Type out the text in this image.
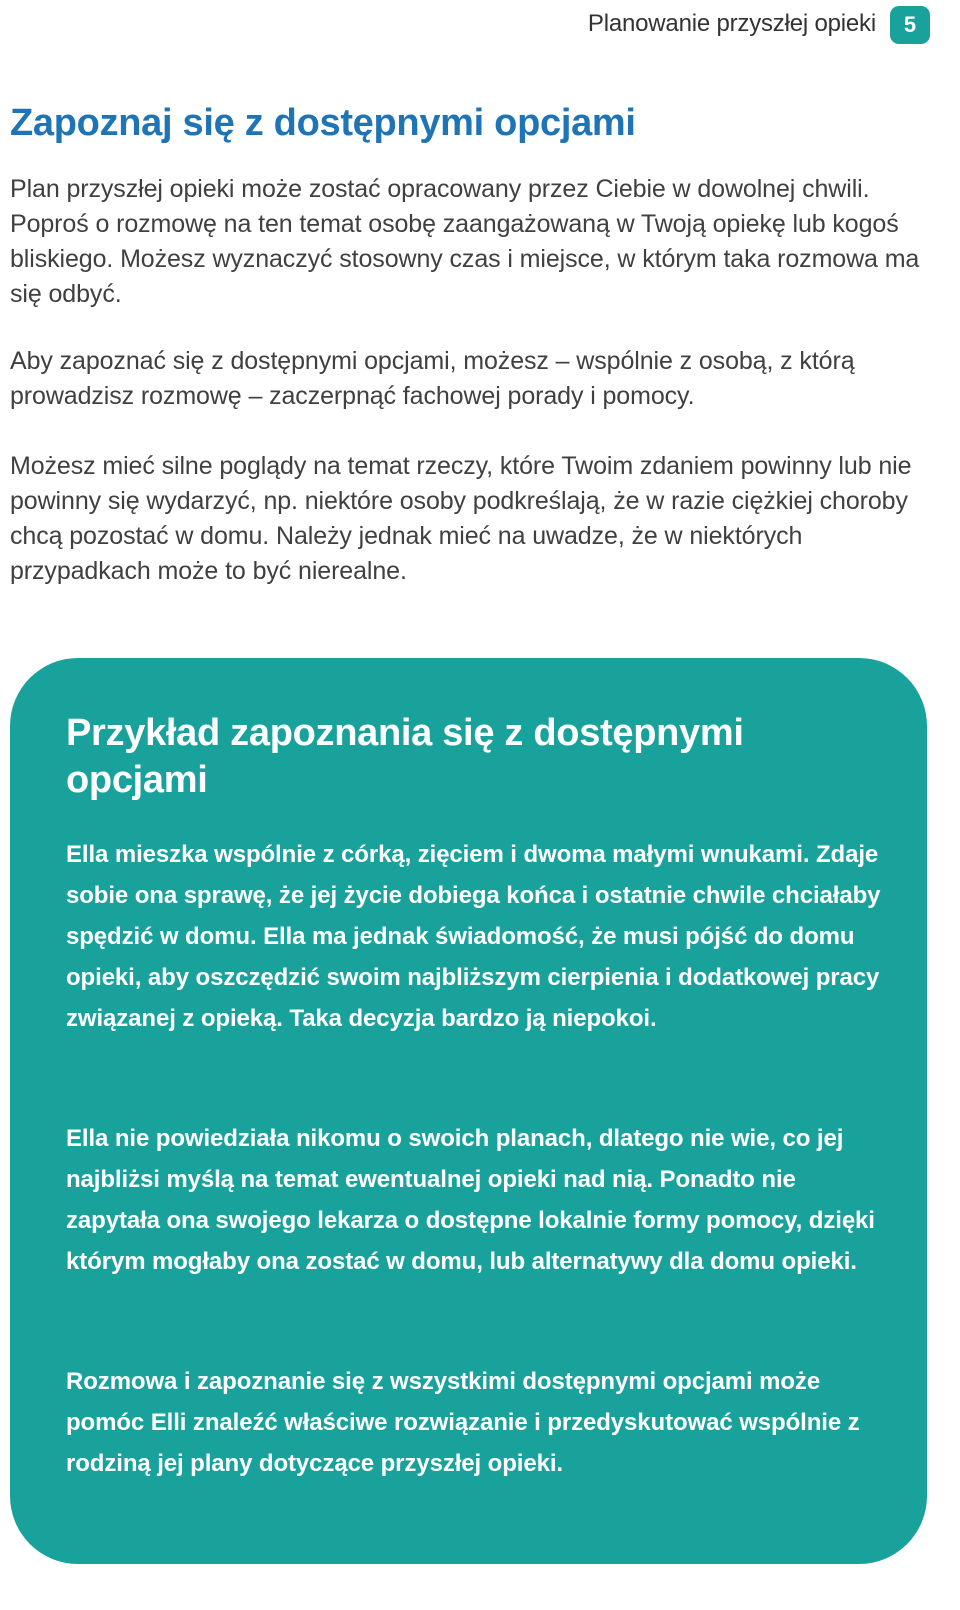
Planowanie przyszłej opieki	5
Zapoznaj się z dostępnymi opcjami

Plan przyszłej opieki może zostać opracowany przez Ciebie w dowolnej chwili. Poproś o rozmowę na ten temat osobę zaangażowaną w Twoją opiekę lub kogoś bliskiego. Możesz wyznaczyć stosowny czas i miejsce, w którym taka rozmowa ma się odbyć.

Aby zapoznać się z dostępnymi opcjami, możesz – wspólnie z osobą, z którą prowadzisz rozmowę – zaczerpnąć fachowej porady i pomocy.

Możesz mieć silne poglądy na temat rzeczy, które Twoim zdaniem powinny lub nie powinny się wydarzyć, np. niektóre osoby podkreślają, że w razie ciężkiej choroby chcą pozostać w domu. Należy jednak mieć na uwadze, że w niektórych przypadkach może to być nierealne.

Przykład zapoznania się z dostępnymi opcjami

Ella mieszka wspólnie z córką, zięciem i dwoma małymi wnukami. Zdaje sobie ona sprawę, że jej życie dobiega końca i ostatnie chwile chciałaby spędzić w domu. Ella ma jednak świadomość, że musi pójść do domu opieki, aby oszczędzić swoim najbliższym cierpienia i dodatkowej pracy związanej z opieką. Taka decyzja bardzo ją niepokoi.

Ella nie powiedziała nikomu o swoich planach, dlatego nie wie, co jej najbliżsi myślą na temat ewentualnej opieki nad nią. Ponadto nie zapytała ona swojego lekarza o dostępne lokalnie formy pomocy, dzięki którym mogłaby ona zostać w domu, lub alternatywy dla domu opieki.

Rozmowa i zapoznanie się z wszystkimi dostępnymi opcjami może pomóc Elli znaleźć właściwe rozwiązanie i przedyskutować wspólnie z rodziną jej plany dotyczące przyszłej opieki.
